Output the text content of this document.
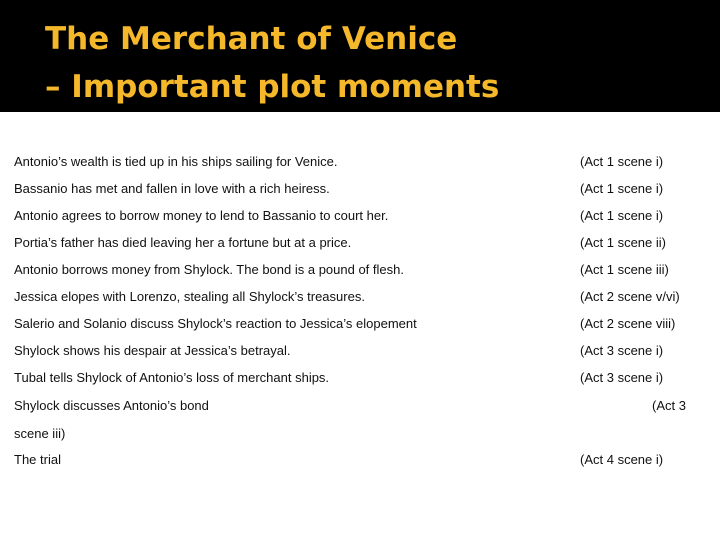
The Merchant of Venice
– Important plot moments
Antonio’s wealth is tied up in his ships sailing for Venice.	(Act 1 scene i)
Bassanio has met and fallen in love with a rich heiress.	(Act 1 scene i)
Antonio agrees to borrow money to lend to Bassanio to court her.	(Act 1 scene i)
Portia’s father has died leaving her a fortune but at a price.	(Act 1 scene ii)
Antonio borrows money from Shylock. The bond is a pound of flesh.	(Act 1 scene iii)
Jessica elopes with Lorenzo, stealing all Shylock’s treasures.	(Act 2 scene v/vi)
Salerio and Solanio discuss Shylock’s reaction to Jessica’s elopement	(Act 2 scene viii)
Shylock shows his despair at Jessica’s betrayal.	(Act 3 scene i)
Tubal tells Shylock of Antonio’s loss of merchant ships.	(Act 3 scene i)
Shylock discusses Antonio’s bond	(Act 3
scene iii)
The trial	(Act 4 scene i)
